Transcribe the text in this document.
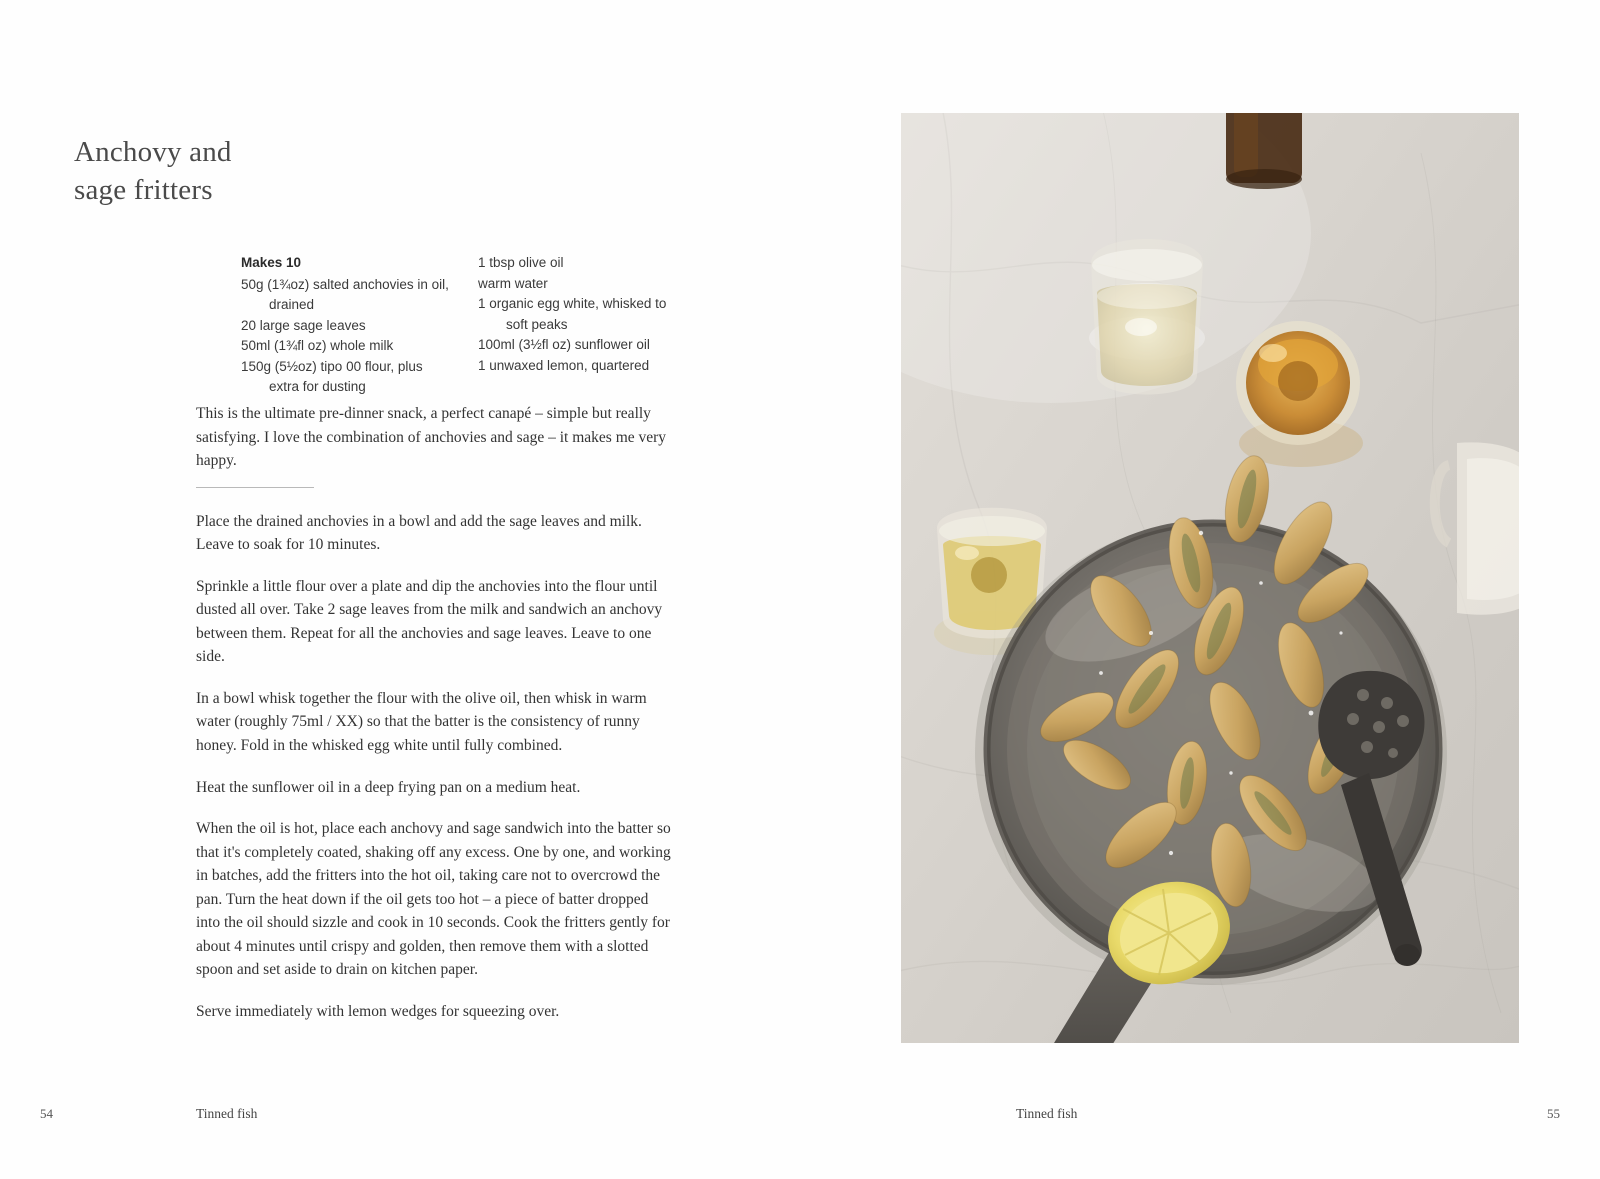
Anchovy and
sage fritters
Makes 10
50g (1¾oz) salted anchovies in oil,
drained
20 large sage leaves
50ml (1¾fl oz) whole milk
150g (5½oz) tipo 00 flour, plus
extra for dusting
1 tbsp olive oil
warm water
1 organic egg white, whisked to
soft peaks
100ml (3½fl oz) sunflower oil
1 unwaxed lemon, quartered

This is the ultimate pre-dinner snack, a perfect canapé – simple but really satisfying. I love the combination of anchovies and sage – it makes me very happy.

Place the drained anchovies in a bowl and add the sage leaves and milk. Leave to soak for 10 minutes.

Sprinkle a little flour over a plate and dip the anchovies into the flour until dusted all over. Take 2 sage leaves from the milk and sandwich an anchovy between them. Repeat for all the anchovies and sage leaves. Leave to one side.

In a bowl whisk together the flour with the olive oil, then whisk in warm water (roughly 75ml / XX) so that the batter is the consistency of runny honey. Fold in the whisked egg white until fully combined.

Heat the sunflower oil in a deep frying pan on a medium heat.

When the oil is hot, place each anchovy and sage sandwich into the batter so that it's completely coated, shaking off any excess. One by one, and working in batches, add the fritters into the hot oil, taking care not to overcrowd the pan. Turn the heat down if the oil gets too hot – a piece of batter dropped into the oil should sizzle and cook in 10 seconds. Cook the fritters gently for about 4 minutes until crispy and golden, then remove them with a slotted spoon and set aside to drain on kitchen paper.

Serve immediately with lemon wedges for squeezing over.

54	Tinned fish	Tinned fish	55
